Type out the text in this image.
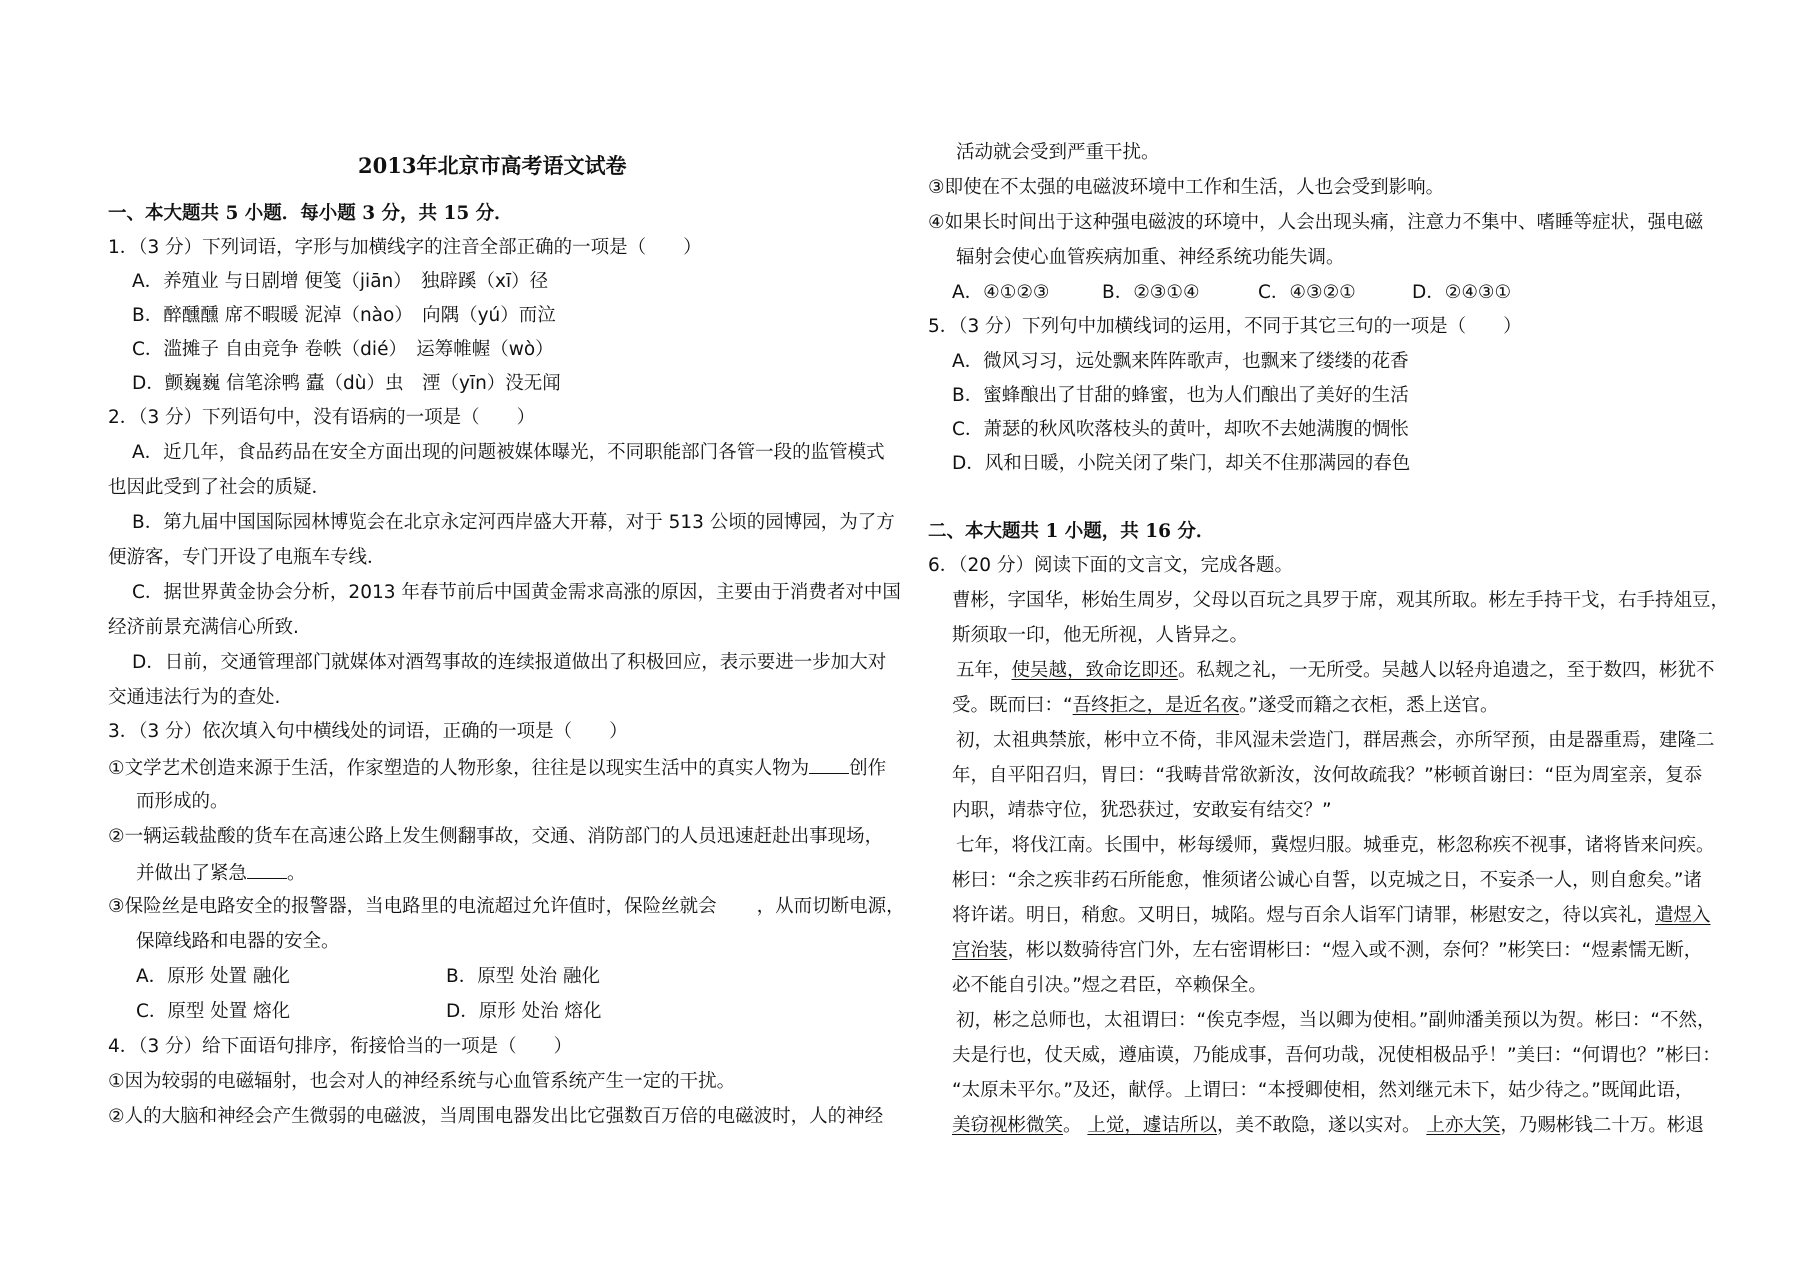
2013年北京市高考语文试卷
一、本大题共 5 小题．每小题 3 分，共 15 分．
1．（3 分）下列词语，字形与加横线字的注音全部正确的一项是（　　）
A．养殖业 与日剧增 便笺（jiān）　独辟蹊（xī）径
B．醉醺醺 席不暇暖 泥淖（nào）　向隅（yú）而泣
C．滥摊子 自由竞争 卷帙（dié）　运筹帷幄（wò）
D．颤巍巍 信笔涂鸭 蠹（dù）虫　湮（yīn）没无闻
2．（3 分）下列语句中，没有语病的一项是（　　）
A．近几年，食品药品在安全方面出现的问题被媒体曝光，不同职能部门各管一段的监管模式
也因此受到了社会的质疑．
B．第九届中国国际园林博览会在北京永定河西岸盛大开幕，对于 513 公顷的园博园，为了方
便游客，专门开设了电瓶车专线．
C．据世界黄金协会分析，2013 年春节前后中国黄金需求高涨的原因，主要由于消费者对中国
经济前景充满信心所致.
D．日前，交通管理部门就媒体对酒驾事故的连续报道做出了积极回应，表示要进一步加大对
交通违法行为的查处.
3．（3 分）依次填入句中横线处的词语，正确的一项是（　　）
①文学艺术创造来源于生活，作家塑造的人物形象，往往是以现实生活中的真实人物为 创作
而形成的。
②一辆运载盐酸的货车在高速公路上发生侧翻事故，交通、消防部门的人员迅速赶赴出事现场，
并做出了紧急 。
③保险丝是电路安全的报警器，当电路里的电流超过允许值时，保险丝就会 ，从而切断电源，
保障线路和电器的安全。
A．原形 处置 融化	B．原型 处治 融化
C．原型 处置 熔化	D．原形 处治 熔化
4．（3 分）给下面语句排序，衔接恰当的一项是（　　）
①因为较弱的电磁辐射，也会对人的神经系统与心血管系统产生一定的干扰。
②人的大脑和神经会产生微弱的电磁波，当周围电器发出比它强数百万倍的电磁波时，人的神经
活动就会受到严重干扰。
③即使在不太强的电磁波环境中工作和生活，人也会受到影响。
④如果长时间出于这种强电磁波的环境中，人会出现头痛，注意力不集中、嗜睡等症状，强电磁
辐射会使心血管疾病加重、神经系统功能失调。
A．④①②③	B．②③①④	C．④③②①	D．②④③①
5．（3 分）下列句中加横线词的运用，不同于其它三句的一项是（　　）
A．微风习习，远处飘来阵阵歌声，也飘来了缕缕的花香
B．蜜蜂酿出了甘甜的蜂蜜，也为人们酿出了美好的生活
C．萧瑟的秋风吹落枝头的黄叶，却吹不去她满腹的惆怅
D．风和日暖，小院关闭了柴门，却关不住那满园的春色
二、本大题共 1 小题，共 16 分．
6．（20 分）阅读下面的文言文，完成各题。
曹彬，字国华，彬始生周岁，父母以百玩之具罗于席，观其所取。彬左手持干戈，右手持俎豆，
斯须取一印，他无所视，人皆异之。
五年，使吴越，致命讫即还。私觌之礼，一无所受。吴越人以轻舟追遗之，至于数四，彬犹不
受。既而曰：“吾终拒之，是近名夜。”遂受而籍之衣柜，悉上送官。
初，太祖典禁旅，彬中立不倚，非风湿未尝造门，群居燕会，亦所罕预，由是器重焉，建隆二
年，自平阳召归，胃曰：“我畴昔常欲新汝，汝何故疏我？”彬顿首谢曰：“臣为周室亲，复忝
内职，靖恭守位，犹恐获过，安敢妄有结交？”
七年，将伐江南。长围中，彬每缓师，冀煜归服。城垂克，彬忽称疾不视事，诸将皆来问疾。
彬曰：“余之疾非药石所能愈，惟须诸公诚心自誓，以克城之日，不妄杀一人，则自愈矣。”诸
将许诺。明日，稍愈。又明日，城陷。煜与百余人诣军门请罪，彬慰安之，待以宾礼，遣煜入
宫治装，彬以数骑待宫门外，左右密谓彬曰：“煜入或不测，奈何？”彬笑曰：“煜素懦无断，
必不能自引决。”煜之君臣，卒赖保全。
初，彬之总师也，太祖谓曰：“俟克李煜，当以卿为使相。”副帅潘美预以为贺。彬曰：“不然，
夫是行也，仗天威，遵庙谟，乃能成事，吾何功哉，况使相极品乎！”美曰：“何谓也？”彬曰：
“太原未平尔。”及还，献俘。上谓曰：“本授卿使相，然刘继元未下，姑少待之。”既闻此语，
美窃视彬微笑。 上觉，遽诘所以，美不敢隐，遂以实对。 上亦大笑，乃赐彬钱二十万。彬退
